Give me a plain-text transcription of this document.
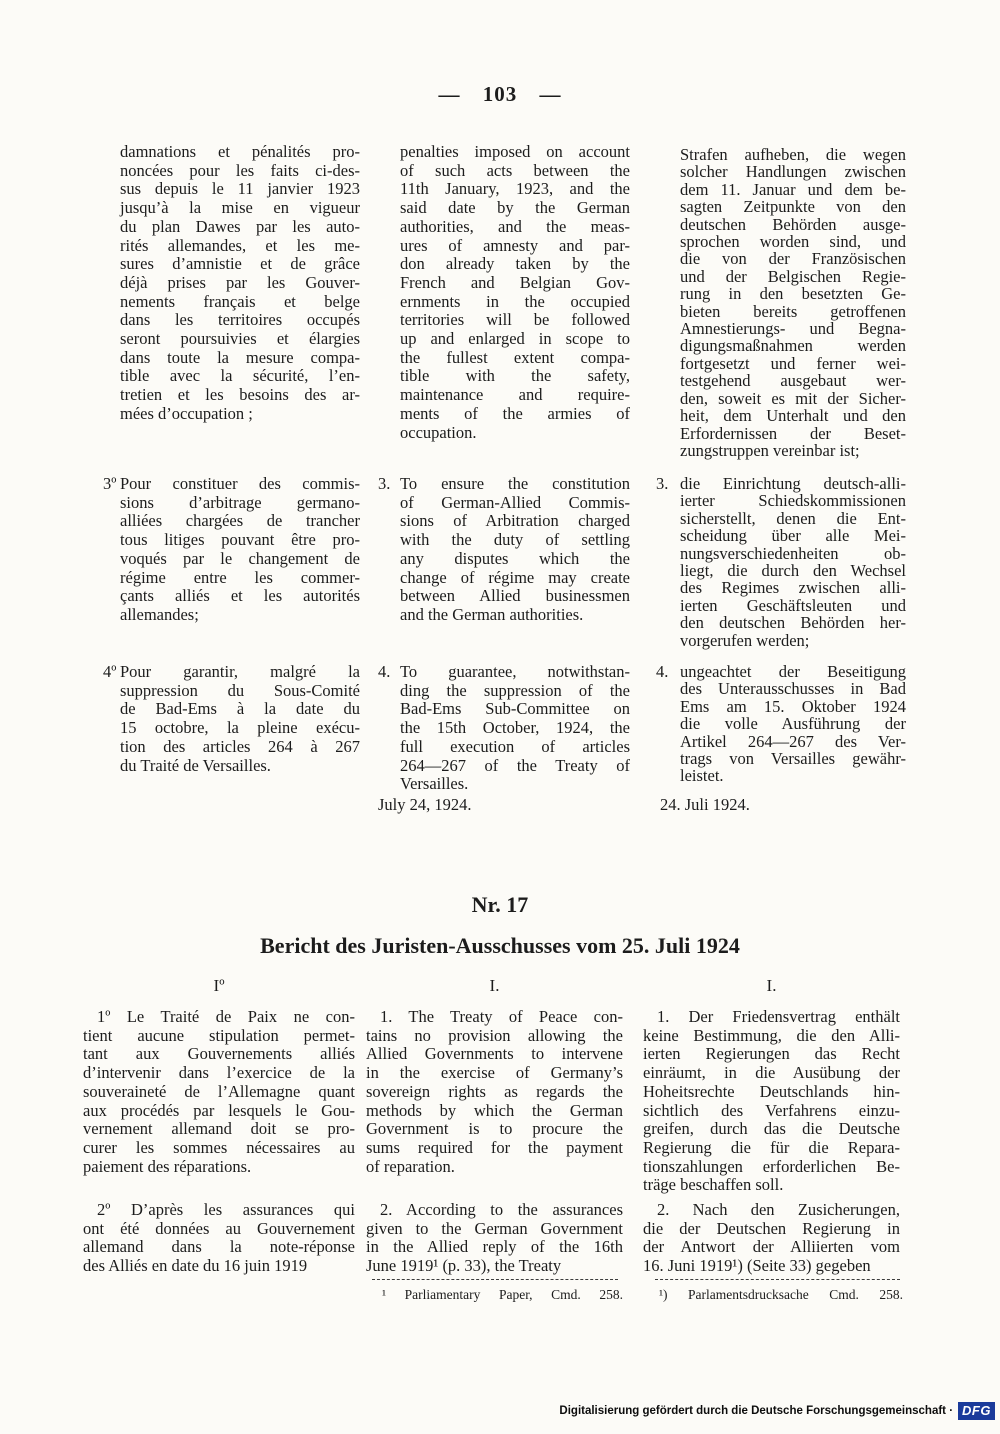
— 103 —
damnations et pénalités pro-
noncées pour les faits ci-des-
sus depuis le 11 janvier 1923
jusqu’à la mise en vigueur
du plan Dawes par les auto-
rités allemandes, et les me-
sures d’amnistie et de grâce
déjà prises par les Gouver-
nements français et belge
dans les territoires occupés
seront poursuivies et élargies
dans toute la mesure compa-
tible avec la sécurité, l’en-
tretien et les besoins des ar-
mées d’occupation ;
3º Pour constituer des commis-
sions d’arbitrage germano-
alliées chargées de trancher
tous litiges pouvant être pro-
voqués par le changement de
régime entre les commer-
çants alliés et les autorités
allemandes;
4º Pour garantir, malgré la
suppression du Sous-Comité
de Bad-Ems à la date du
15 octobre, la pleine exécu-
tion des articles 264 à 267
du Traité de Versailles.
penalties imposed on account
of such acts between the
11th January, 1923, and the
said date by the German
authorities, and the meas-
ures of amnesty and par-
don already taken by the
French and Belgian Gov-
ernments in the occupied
territories will be followed
up and enlarged in scope to
the fullest extent compa-
tible with the safety,
maintenance and require-
ments of the armies of
occupation.
3. To ensure the constitution
of German-Allied Commis-
sions of Arbitration charged
with the duty of settling
any disputes which the
change of régime may create
between Allied businessmen
and the German authorities.
4. To guarantee, notwithstan-
ding the suppression of the
Bad-Ems Sub-Committee on
the 15th October, 1924, the
full execution of articles
264—267 of the Treaty of
Versailles.
July 24, 1924.
Strafen aufheben, die wegen
solcher Handlungen zwischen
dem 11. Januar und dem be-
sagten Zeitpunkte von den
deutschen Behörden ausge-
sprochen worden sind, und
die von der Französischen
und der Belgischen Regie-
rung in den besetzten Ge-
bieten bereits getroffenen
Amnestierungs- und Begna-
digungsmaßnahmen werden
fortgesetzt und ferner wei-
testgehend ausgebaut wer-
den, soweit es mit der Sicher-
heit, dem Unterhalt und den
Erfordernissen der Beset-
zungstruppen vereinbar ist;
3. die Einrichtung deutsch-alli-
ierter Schiedskommissionen
sicherstellt, denen die Ent-
scheidung über alle Mei-
nungsverschiedenheiten ob-
liegt, die durch den Wechsel
des Regimes zwischen alli-
ierten Geschäftsleuten und
den deutschen Behörden her-
vorgerufen werden;
4. ungeachtet der Beseitigung
des Unterausschusses in Bad
Ems am 15. Oktober 1924
die volle Ausführung der
Artikel 264—267 des Ver-
trags von Versailles gewähr-
leistet.
24. Juli 1924.
Nr. 17
Bericht des Juristen-Ausschusses vom 25. Juli 1924
Iº
1º Le Traité de Paix ne con-
tient aucune stipulation permet-
tant aux Gouvernements alliés
d’intervenir dans l’exercice de la
souveraineté de l’Allemagne quant
aux procédés par lesquels le Gou-
vernement allemand doit se pro-
curer les sommes nécessaires au
paiement des réparations.
2º D’après les assurances qui
ont été données au Gouvernement
allemand dans la note-réponse
des Alliés en date du 16 juin 1919
I.
1. The Treaty of Peace con-
tains no provision allowing the
Allied Governments to intervene
in the exercise of Germany’s
sovereign rights as regards the
methods by which the German
Government is to procure the
sums required for the payment
of reparation.
2. According to the assurances
given to the German Government
in the Allied reply of the 16th
June 1919¹ (p. 33), the Treaty
¹ Parliamentary Paper, Cmd. 258.
I.
1. Der Friedensvertrag enthält
keine Bestimmung, die den Alli-
ierten Regierungen das Recht
einräumt, in die Ausübung der
Hoheitsrechte Deutschlands hin-
sichtlich des Verfahrens einzu-
greifen, durch das die Deutsche
Regierung die für die Repara-
tionszahlungen erforderlichen Be-
träge beschaffen soll.
2. Nach den Zusicherungen,
die der Deutschen Regierung in
der Antwort der Alliierten vom
16. Juni 1919¹) (Seite 33) gegeben
¹) Parlamentsdrucksache Cmd. 258.
Digitalisierung gefördert durch die Deutsche Forschungsgemeinschaft · DFG
